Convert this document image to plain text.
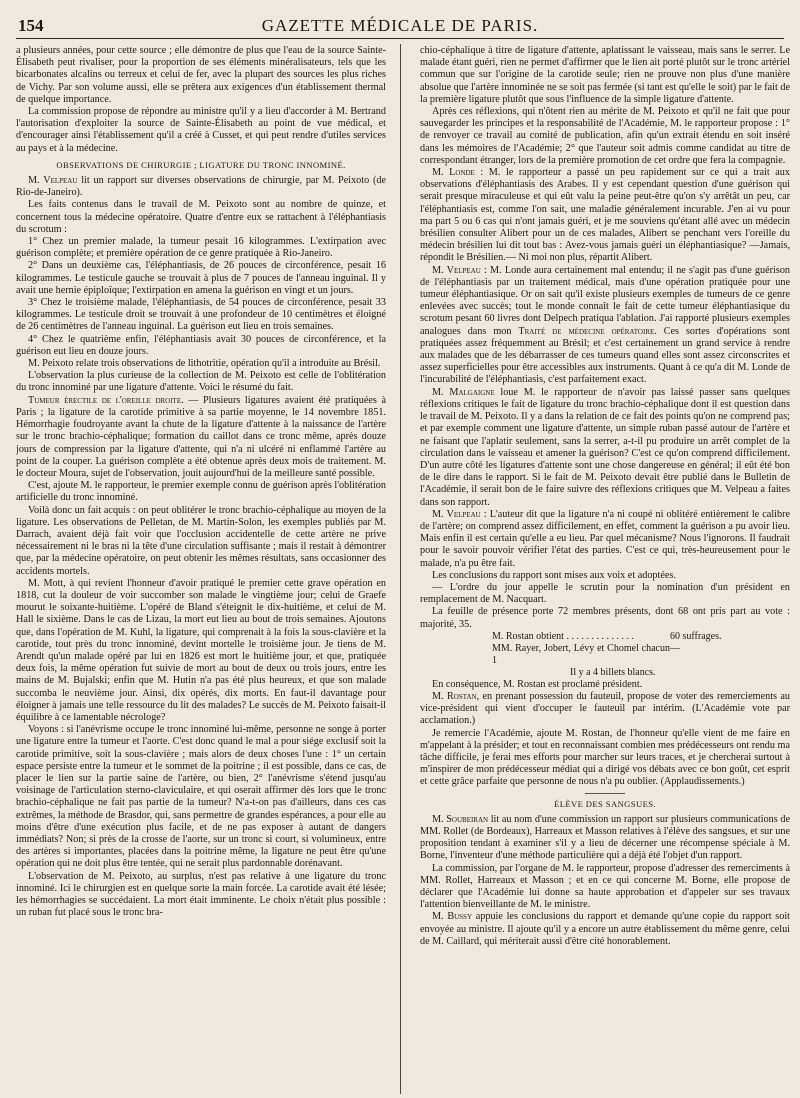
154	GAZETTE MÉDICALE DE PARIS.

a plusieurs années, pour cette source ; elle démontre de plus que l'eau de la source Sainte-Élisabeth peut rivaliser, pour la proportion de ses éléments minéralisateurs, tels que les bicarbonates alcalins ou terreux et celui de fer, avec la plupart des sources les plus riches de Vichy. Par son volume aussi, elle se prêtera aux exigences d'un établissement thermal de quelque importance.

La commission propose de répondre au ministre qu'il y a lieu d'accorder à M. Bertrand l'autorisation d'exploiter la source de Sainte-Élisabeth au point de vue médical, et d'encourager ainsi l'établissement qu'il a créé à Cusset, et qui peut rendre d'utiles services au pays et à la médecine.

OBSERVATIONS DE CHIRURGIE ; LIGATURE DU TRONC INNOMINÉ.

M. Velpeau lit un rapport sur diverses observations de chirurgie, par M. Peixoto (de Rio-de-Janeiro).

Les faits contenus dans le travail de M. Peixoto sont au nombre de quinze, et concernent tous la médecine opératoire. Quatre d'entre eux se rattachent à l'éléphantiasis du scrotum :

1° Chez un premier malade, la tumeur pesait 16 kilogrammes. L'extirpation avec guérison complète; et première opération de ce genre pratiquée à Rio-Janeiro.

2° Dans un deuxième cas, l'éléphantiasis, de 26 pouces de circonférence, pesait 16 kilogrammes. Le testicule gauche se trouvait à plus de 7 pouces de l'anneau inguinal. Il y avait une hernie épiploïque; l'extirpation en amena la guérison en vingt et un jours.

3° Chez le troisième malade, l'éléphantiasis, de 54 pouces de circonférence, pesait 33 kilogrammes. Le testicule droit se trouvait à une profondeur de 10 centimètres et éloigné de 26 centimètres de l'anneau inguinal. La guérison eut lieu en trois semaines.

4° Chez le quatrième enfin, l'éléphantiasis avait 30 pouces de circonférence, et la guérison eut lieu en douze jours.

M. Peixoto relate trois observations de lithotritie, opération qu'il a introduite au Brésil.

L'observation la plus curieuse de la collection de M. Peixoto est celle de l'oblitération du tronc innominé par une ligature d'attente. Voici le résumé du fait.

Tumeur érectile de l'oreille droite. — Plusieurs ligatures avaient été pratiquées à Paris ; la ligature de la carotide primitive à sa partie moyenne, le 14 novembre 1851. Hémorrhagie foudroyante avant la chute de la ligature d'attente à la naissance de l'artère sur le tronc brachio-céphalique; formation du caillot dans ce tronc même, après douze jours de compression par la ligature d'attente, qui n'a ni ulcéré ni enflammé l'artère au point de la couper. La guérison complète a été obtenue après deux mois de traitement. M. le docteur Moura, sujet de l'observation, jouit aujourd'hui de la meilleure santé possible.

C'est, ajoute M. le rapporteur, le premier exemple connu de guérison après l'oblitération artificielle du tronc innominé.

Voilà donc un fait acquis : on peut oblitérer le tronc brachio-céphalique au moyen de la ligature. Les observations de Pelletan, de M. Martin-Solon, les exemples publiés par M. Darrach, avaient déjà fait voir que l'occlusion accidentelle de cette artère ne prive nécessairement ni le bras ni la tête d'une circulation suffisante ; mais il restait à démontrer que, par la médecine opératoire, on peut obtenir les mêmes résultats, sans occasionner des accidents mortels.

M. Mott, à qui revient l'honneur d'avoir pratiqué le premier cette grave opération en 1818, cut la douleur de voir succomber son malade le vingtième jour; celui de Graefe mourut le soixante-huitième. L'opéré de Bland s'éteignit le dix-huitième, et celui de M. Hall le sixième. Dans le cas de Lizau, la mort eut lieu au bout de trois semaines. Ajoutons que, dans l'opération de M. Kuhl, la ligature, qui comprenait à la fois la sous-clavière et la carotide, tout près du tronc innominé, devint mortelle le troisième jour. Je tiens de M. Arendt qu'un malade opéré par lui en 1826 est mort le huitième jour, et que, pratiquée deux fois, la même opération fut suivie de mort au bout de deux ou trois jours, entre les mains de M. Bujalski; enfin que M. Hutin n'a pas été plus heureux, et que son malade succomba le neuvième jour. Ainsi, dix opérés, dix morts. En faut-il davantage pour éloigner à jamais une telle ressource du lit des malades? Le succès de M. Peixoto faisait-il équilibre à ce lamentable nécrologe?

Voyons : si l'anévrisme occupe le tronc innominé lui-même, personne ne songe à porter une ligature entre la tumeur et l'aorte. C'est donc quand le mal a pour siége exclusif soit la carotide primitive, soit la sous-clavière ; mais alors de deux choses l'une : 1° un certain espace persiste entre la tumeur et le sommet de la poitrine ; il est possible, dans ce cas, de placer le lien sur la partie saine de l'artère, ou bien, 2° l'anévrisme s'étend jusqu'au voisinage de l'articulation sterno-claviculaire, et qui oserait affirmer dès lors que le tronc brachio-céphalique ne fait pas partie de la tumeur? N'a-t-on pas d'ailleurs, dans ces cas extrêmes, la méthode de Brasdor, qui, sans permettre de grandes espérances, a pour elle au moins d'être d'une exécution plus facile, et de ne pas exposer à autant de dangers immédiats? Non; si près de la crosse de l'aorte, sur un tronc si court, si volumineux, entre des artères si importantes, placées dans la poitrine même, la ligature ne peut être qu'une opération qui ne doit plus être tentée, qui ne serait plus pardonnable dorénavant.

L'observation de M. Peixoto, au surplus, n'est pas relative à une ligature du tronc innominé. Ici le chirurgien est en quelque sorte la main forcée. La carotide avait été lésée; les hémorrhagies se succédaient. La mort était imminente. Le choix n'était plus possible : un ruban fut placé sous le tronc bra-

chio-céphalique à titre de ligature d'attente, aplatissant le vaisseau, mais sans le serrer. Le malade étant guéri, rien ne permet d'affirmer que le lien ait porté plutôt sur le tronc artériel commun que sur l'origine de la carotide seule; rien ne prouve non plus d'une manière absolue que l'artère innominée ne se soit pas fermée (si tant est qu'elle le soit) par le fait de la première ligature plutôt que sous l'influence de la simple ligature d'attente.

Après ces réflexions, qui n'ôtent rien au mérite de M. Peixoto et qu'il ne fait que pour sauvegarder les principes et la responsabilité de l'Académie, M. le rapporteur propose : 1° de renvoyer ce travail au comité de publication, afin qu'un extrait étendu en soit inséré dans les mémoires de l'Académie; 2° que l'auteur soit admis comme candidat au titre de correspondant étranger, lors de la première promotion de cet ordre que fera la compagnie.

M. Londe : M. le rapporteur a passé un peu rapidement sur ce qui a trait aux observations d'éléphantiasis des Arabes. Il y est cependant question d'une guérison qui serait presque miraculeuse et qui eût valu la peine peut-être qu'on s'y arrêtât un peu, car l'éléphantiasis est, comme l'on sait, une maladie généralement incurable. J'en ai vu pour ma part 5 ou 6 cas qui n'ont jamais guéri, et je me souviens qu'étant allé avec un médecin brésilien consulter Alibert pour un de ces malades, Alibert se penchant vers l'oreille du médecin brésilien lui dit tout bas : Avez-vous jamais guéri un éléphantiasique? —Jamais, répondit le Brésilien.— Ni moi non plus, répartit Alibert.

M. Velpeau : M. Londe aura certainement mal entendu; il ne s'agit pas d'une guérison de l'éléphantiasis par un traitement médical, mais d'une opération pratiquée pour une tumeur éléphantiasique. Or on sait qu'il existe plusieurs exemples de tumeurs de ce genre enlevées avec succès; tout le monde connaît le fait de cette tumeur éléphantiasique du scrotum pesant 60 livres dont Delpech pratiqua l'ablation. J'ai rapporté plusieurs exemples analogues dans mon Traité de médecine opératoire. Ces sortes d'opérations sont pratiquées assez fréquemment au Brésil; et c'est certainement un grand service à rendre aux malades que de les débarrasser de ces tumeurs quand elles sont assez circonscrites et assez superficielles pour être accessibles aux instruments. Quant à ce qu'a dit M. Londe de l'incurabilité de l'éléphantiasis, c'est parfaitement exact.

M. Malgaigne loue M. le rapporteur de n'avoir pas laissé passer sans quelques réflexions critiques le fait de ligature du tronc brachio-céphalique dont il est question dans le travail de M. Peixoto. Il y a dans la relation de ce fait des points qu'on ne comprend pas; et par exemple comment une ligature d'attente, un simple ruban passé autour de l'artère et ne faisant que l'aplatir seulement, sans la serrer, a-t-il pu produire un arrêt complet de la circulation dans le vaisseau et amener la guérison? C'est ce qu'on comprend difficilement. D'un autre côté les ligatures d'attente sont une chose dangereuse en général; il eût été bon de le dire dans le rapport. Si le fait de M. Peixoto devait être publié dans le Bulletin de l'Académie, il serait bon de le faire suivre des réflexions critiques que M. Velpeau a faites dans son rapport.

M. Velpeau : L'auteur dit que la ligature n'a ni coupé ni oblitéré entièrement le calibre de l'artère; on comprend assez difficilement, en effet, comment la guérison a pu avoir lieu. Mais enfin il est certain qu'elle a eu lieu. Par quel mécanisme? Nous l'ignorons. Il faudrait pour le savoir pouvoir vérifier l'état des parties. C'est ce qui, très-heureusement pour le malade, n'a pu être fait.

Les conclusions du rapport sont mises aux voix et adoptées.

— L'ordre du jour appelle le scrutin pour la nomination d'un président en remplacement de M. Nacquart.

La feuille de présence porte 72 membres présents, dont 68 ont pris part au vote : majorité, 35.

M. Rostan obtient . . . . . . . . . . . . . .	60 suffrages.
MM. Rayer, Jobert, Lévy et Chomel chacun 1
—
Il y a 4 billets blancs.

En conséquence, M. Rostan est proclamé président.

M. Rostan, en prenant possession du fauteuil, propose de voter des remerciements au vice-président qui vient d'occuper le fauteuil par intérim. (L'Académie vote par acclamation.)

Je remercie l'Académie, ajoute M. Rostan, de l'honneur qu'elle vient de me faire en m'appelant à la présider; et tout en reconnaissant combien mes prédécesseurs ont rendu ma tâche difficile, je ferai mes efforts pour marcher sur leurs traces, et je chercherai surtout à m'inspirer de mon prédécesseur médiat qui a dirigé vos débats avec ce bon goût, cet esprit et cette grâce parfaite que personne de nous n'a pu oublier. (Applaudissements.)

ÉLÈVE DES SANGSUES.

M. Soubeiran lit au nom d'une commission un rapport sur plusieurs communications de MM. Rollet (de Bordeaux), Harreaux et Masson relatives à l'élève des sangsues, et sur une proposition tendant à examiner s'il y a lieu de décerner une récompense spéciale à M. Borne, l'inventeur d'une méthode particulière qui a déjà été l'objet d'un rapport.

La commission, par l'organe de M. le rapporteur, propose d'adresser des remerciments à MM. Rollet, Harreaux et Masson ; et en ce qui concerne M. Borne, elle propose de déclarer que l'Académie lui donne sa haute approbation et d'appeler sur ses travaux l'attention bienveillante de M. le ministre.

M. Bussy appuie les conclusions du rapport et demande qu'une copie du rapport soit envoyée au ministre. Il ajoute qu'il y a encore un autre établissement du même genre, celui de M. Caillard, qui mériterait aussi d'être cité honorablement.
